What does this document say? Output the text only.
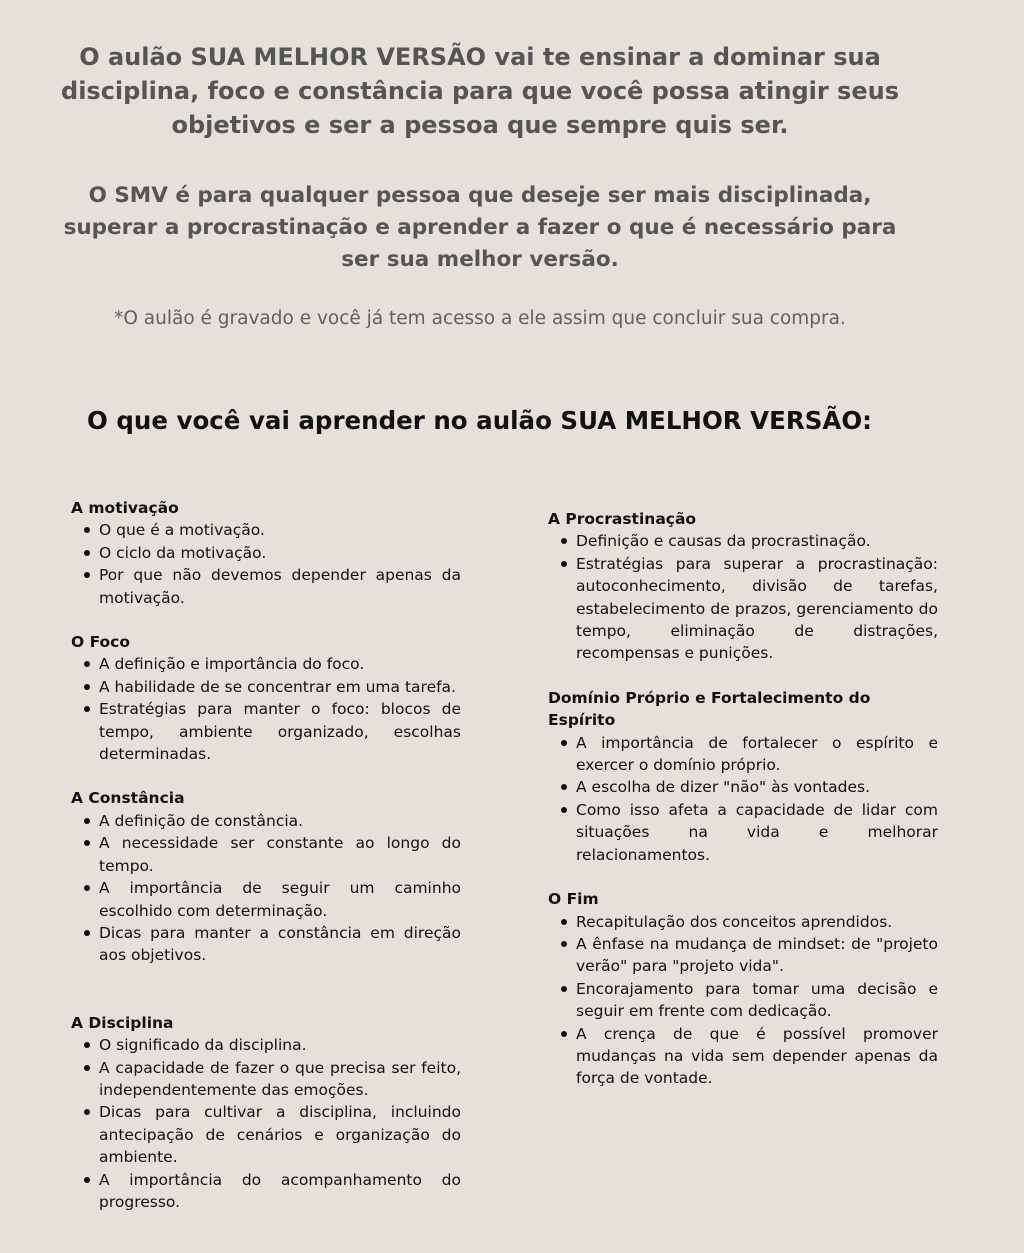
O aulão SUA MELHOR VERSÃO vai te ensinar a dominar sua disciplina, foco e constância para que você possa atingir seus objetivos e ser a pessoa que sempre quis ser.

O SMV é para qualquer pessoa que deseje ser mais disciplinada, superar a procrastinação e aprender a fazer o que é necessário para ser sua melhor versão.

*O aulão é gravado e você já tem acesso a ele assim que concluir sua compra.

O que você vai aprender no aulão SUA MELHOR VERSÃO:
A motivação
O que é a motivação.
O ciclo da motivação.
Por que não devemos depender apenas da motivação.
O Foco
A definição e importância do foco.
A habilidade de se concentrar em uma tarefa.
Estratégias para manter o foco: blocos de tempo, ambiente organizado, escolhas determinadas.
A Constância
A definição de constância.
A necessidade ser constante ao longo do tempo.
A importância de seguir um caminho escolhido com determinação.
Dicas para manter a constância em direção aos objetivos.
A Disciplina
O significado da disciplina.
A capacidade de fazer o que precisa ser feito, independentemente das emoções.
Dicas para cultivar a disciplina, incluindo antecipação de cenários e organização do ambiente.
A importância do acompanhamento do progresso.
A Procrastinação
Definição e causas da procrastinação.
Estratégias para superar a procrastinação: autoconhecimento, divisão de tarefas, estabelecimento de prazos, gerenciamento do tempo, eliminação de distrações, recompensas e punições.
Domínio Próprio e Fortalecimento do Espírito
A importância de fortalecer o espírito e exercer o domínio próprio.
A escolha de dizer "não" às vontades.
Como isso afeta a capacidade de lidar com situações na vida e melhorar relacionamentos.
O Fim
Recapitulação dos conceitos aprendidos.
A ênfase na mudança de mindset: de "projeto verão" para "projeto vida".
Encorajamento para tomar uma decisão e seguir em frente com dedicação.
A crença de que é possível promover mudanças na vida sem depender apenas da força de vontade.
